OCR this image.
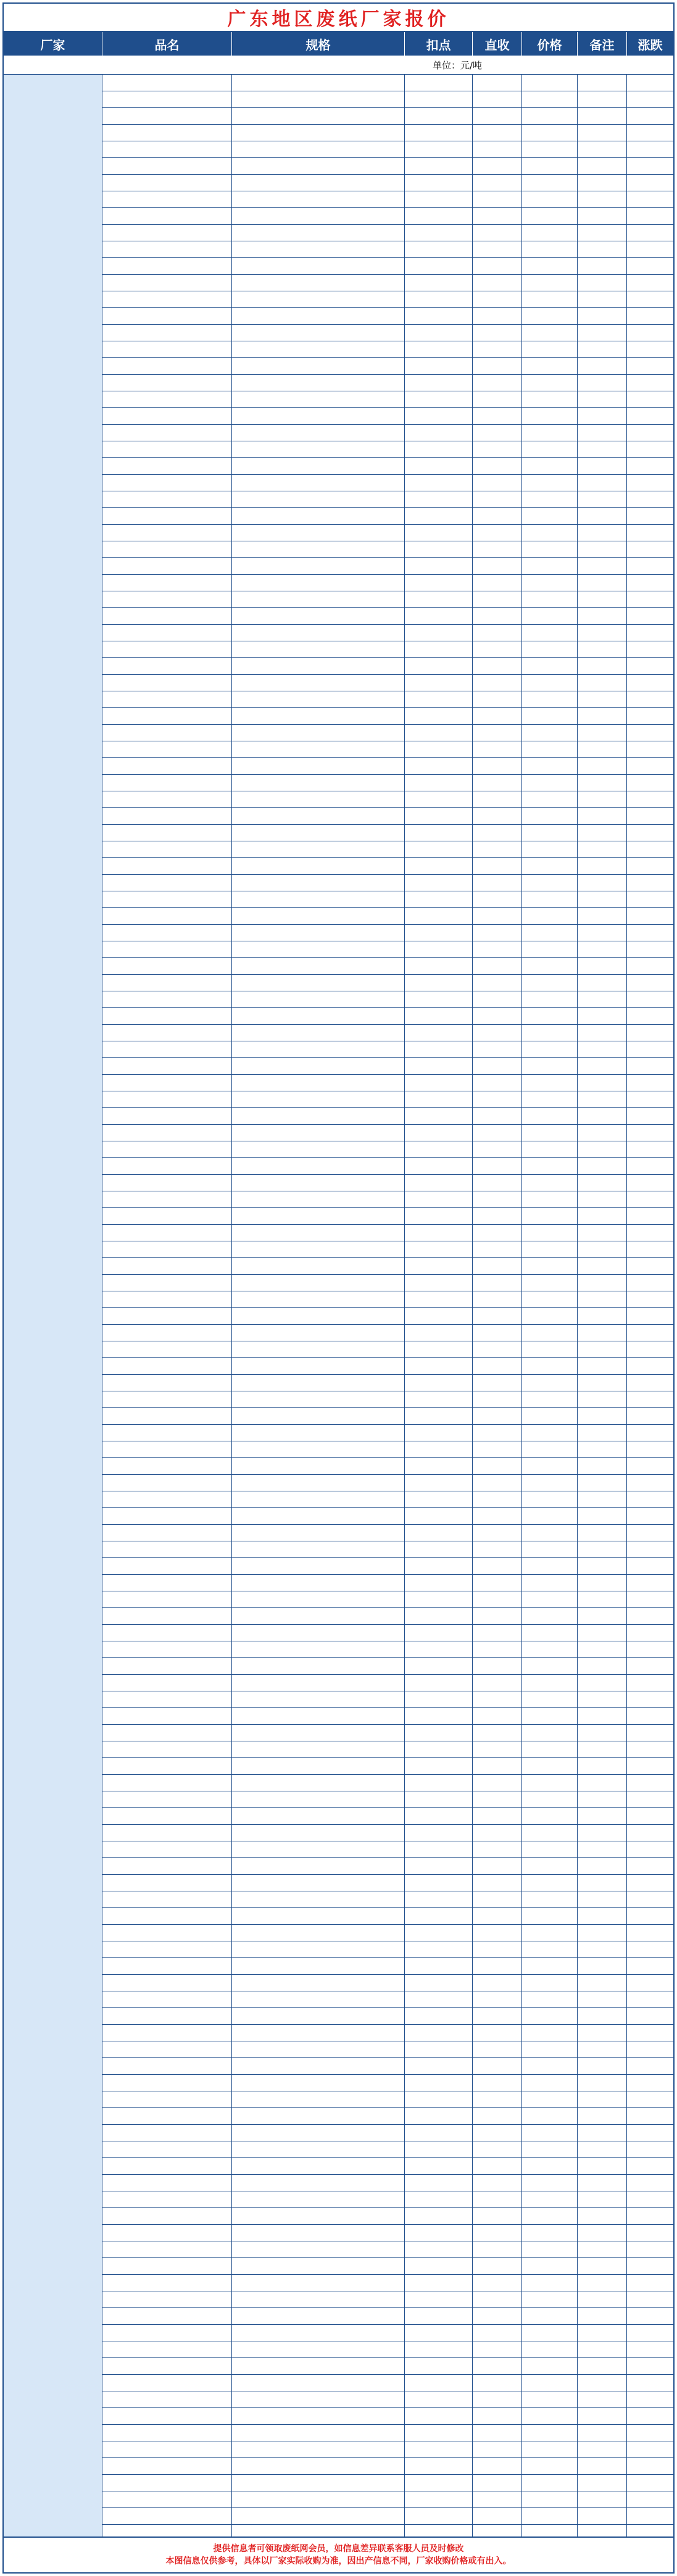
广东地区废纸厂家报价
厂家	品名	规格	扣点	直收	价格	备注	涨跌
单位：元/吨
提供信息者可领取废纸网会员，如信息差异联系客服人员及时修改
本图信息仅供参考，具体以厂家实际收购为准，因出产信息不同，厂家收购价格或有出入。
